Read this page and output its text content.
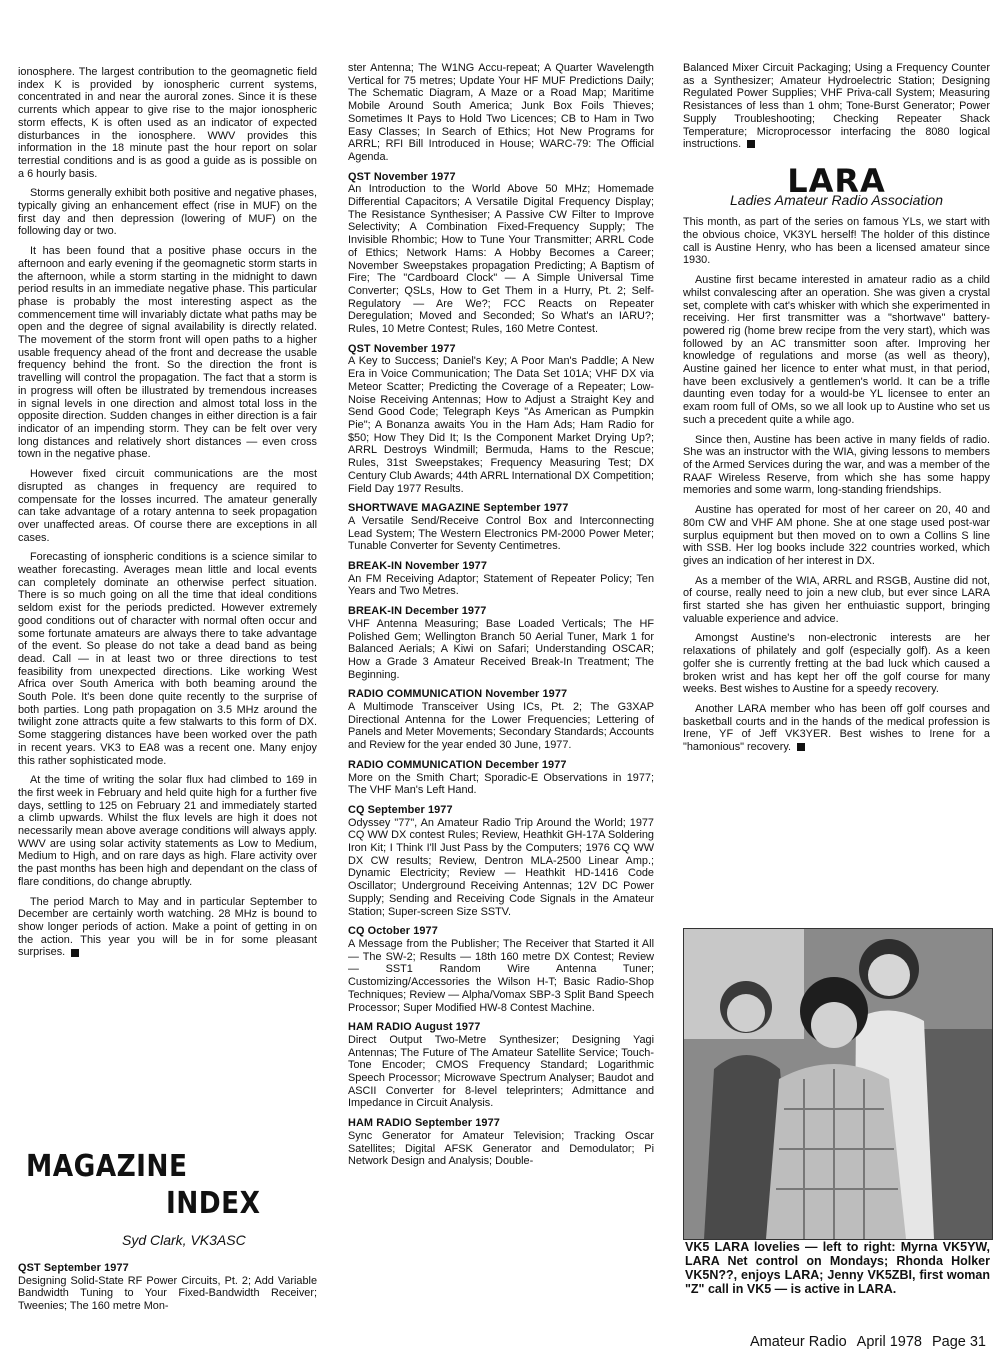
ionosphere. The largest contribution to the geomagnetic field index K is provided by ionospheric current systems, concentrated in and near the auroral zones. Since it is these currents which appear to give rise to the major ionospheric storm effects, K is often used as an indicator of expected disturbances in the ionosphere. WWV provides this information in the 18 minute past the hour report on solar terrestial conditions and is as good a guide as is possible on a 6 hourly basis.

Storms generally exhibit both positive and negative phases, typically giving an enhancement effect (rise in MUF) on the first day and then depression (lowering of MUF) on the following day or two.

It has been found that a positive phase occurs in the afternoon and early evening if the geomagnetic storm starts in the afternoon, while a storm starting in the midnight to dawn period results in an immediate negative phase. This particular phase is probably the most interesting aspect as the commencement time will invariably dictate what paths may be open and the degree of signal availability is directly related. The movement of the storm front will open paths to a higher usable frequency ahead of the front and decrease the usable frequency behind the front. So the direction the front is travelling will control the propagation. The fact that a storm is in progress will often be illustrated by tremendous increases in signal levels in one direction and almost total loss in the opposite direction. Sudden changes in either direction is a fair indicator of an impending storm. They can be felt over very long distances and relatively short distances — even cross town in the negative phase.

However fixed circuit communications are the most disrupted as changes in frequency are required to compensate for the losses incurred. The amateur generally can take advantage of a rotary antenna to seek propagation over unaffected areas. Of course there are exceptions in all cases.

Forecasting of ionspheric conditions is a science similar to weather forecasting. Averages mean little and local events can completely dominate an otherwise perfect situation. There is so much going on all the time that ideal conditions seldom exist for the periods predicted. However extremely good conditions out of character with normal often occur and some fortunate amateurs are always there to take advantage of the event. So please do not take a dead band as being dead. Call — in at least two or three directions to test feasibility from unexpected directions. Like working West Africa over South America with both beaming around the South Pole. It's been done quite recently to the surprise of both parties. Long path propagation on 3.5 MHz around the twilight zone attracts quite a few stalwarts to this form of DX. Some staggering distances have been worked over the path in recent years. VK3 to EA8 was a recent one. Many enjoy this rather sophisticated mode.

At the time of writing the solar flux had climbed to 169 in the first week in February and held quite high for a further five days, settling to 125 on February 21 and immediately started a climb upwards. Whilst the flux levels are high it does not necessarily mean above average conditions will always apply. WWV are using solar activity statements as Low to Medium, Medium to High, and on rare days as high. Flare activity over the past months has been high and dependant on the class of flare conditions, do change abruptly.

The period March to May and in particular September to December are certainly worth watching. 28 MHz is bound to show longer periods of action. Make a point of getting in on the action. This year you will be in for some pleasant surprises.

MAGAZINE
INDEX
Syd Clark, VK3ASC
QST September 1977
Designing Solid-State RF Power Circuits, Pt. 2; Add Variable Bandwidth Tuning to Your Fixed-Bandwidth Receiver; Tweenies; The 160 metre Mon-
ster Antenna; The W1NG Accu-repeat; A Quarter Wavelength Vertical for 75 metres; Update Your HF MUF Predictions Daily; The Schematic Diagram, A Maze or a Road Map; Maritime Mobile Around South America; Junk Box Foils Thieves; Sometimes It Pays to Hold Two Licences; CB to Ham in Two Easy Classes; In Search of Ethics; Hot New Programs for ARRL; RFI Bill Introduced in House; WARC-79: The Official Agenda.
QST November 1977
An Introduction to the World Above 50 MHz; Homemade Differential Capacitors; A Versatile Digital Frequency Display; The Resistance Synthesiser; A Passive CW Filter to Improve Selectivity; A Combination Fixed-Frequency Supply; The Invisible Rhombic; How to Tune Your Transmitter; ARRL Code of Ethics; Network Hams: A Hobby Becomes a Career; November Sweepstakes propagation Predicting; A Baptism of Fire; The "Cardboard Clock" — A Simple Universal Time Converter; QSLs, How to Get Them in a Hurry, Pt. 2; Self-Regulatory — Are We?; FCC Reacts on Repeater Deregulation; Moved and Seconded; So What's an IARU?; Rules, 10 Metre Contest; Rules, 160 Metre Contest.
QST November 1977
A Key to Success; Daniel's Key; A Poor Man's Paddle; A New Era in Voice Communication; The Data Set 101A; VHF DX via Meteor Scatter; Predicting the Coverage of a Repeater; Low-Noise Receiving Antennas; How to Adjust a Straight Key and Send Good Code; Telegraph Keys "As American as Pumpkin Pie"; A Bonanza awaits You in the Ham Ads; Ham Radio for $50; How They Did It; Is the Component Market Drying Up?; ARRL Destroys Windmill; Bermuda, Hams to the Rescue; Rules, 31st Sweepstakes; Frequency Measuring Test; DX Century Club Awards; 44th ARRL International DX Competition; Field Day 1977 Results.
SHORTWAVE MAGAZINE September 1977
A Versatile Send/Receive Control Box and Interconnecting Lead System; The Western Electronics PM-2000 Power Meter; Tunable Converter for Seventy Centimetres.
BREAK-IN November 1977
An FM Receiving Adaptor; Statement of Repeater Policy; Ten Years and Two Metres.
BREAK-IN December 1977
VHF Antenna Measuring; Base Loaded Verticals; The HF Polished Gem; Wellington Branch 50 Aerial Tuner, Mark 1 for Balanced Aerials; A Kiwi on Safari; Understanding OSCAR; How a Grade 3 Amateur Received Break-In Treatment; The Beginning.
RADIO COMMUNICATION November 1977
A Multimode Transceiver Using ICs, Pt. 2; The G3XAP Directional Antenna for the Lower Frequencies; Lettering of Panels and Meter Movements; Secondary Standards; Accounts and Review for the year ended 30 June, 1977.
RADIO COMMUNICATION December 1977
More on the Smith Chart; Sporadic-E Observations in 1977; The VHF Man's Left Hand.
CQ September 1977
Odyssey "77", An Amateur Radio Trip Around the World; 1977 CQ WW DX contest Rules; Review, Heathkit GH-17A Soldering Iron Kit; I Think I'll Just Pass by the Computers; 1976 CQ WW DX CW results; Review, Dentron MLA-2500 Linear Amp.; Dynamic Electricity; Review — Heathkit HD-1416 Code Oscillator; Underground Receiving Antennas; 12V DC Power Supply; Sending and Receiving Code Signals in the Amateur Station; Super-screen Size SSTV.
CQ October 1977
A Message from the Publisher; The Receiver that Started it All — The SW-2; Results — 18th 160 metre DX Contest; Review — SST1 Random Wire Antenna Tuner; Customizing/Accessories the Wilson H-T; Basic Radio-Shop Techniques; Review — Alpha/Vomax SBP-3 Split Band Speech Processor; Super Modified HW-8 Contest Machine.
HAM RADIO August 1977
Direct Output Two-Metre Synthesizer; Designing Yagi Antennas; The Future of The Amateur Satellite Service; Touch-Tone Encoder; CMOS Frequency Standard; Logarithmic Speech Processor; Microwave Spectrum Analyser; Baudot and ASCII Converter for 8-level teleprinters; Admittance and Impedance in Circuit Analysis.
HAM RADIO September 1977
Sync Generator for Amateur Television; Tracking Oscar Satellites; Digital AFSK Generator and Demodulator; Pi Network Design and Analysis; Double-
Balanced Mixer Circuit Packaging; Using a Frequency Counter as a Synthesizer; Amateur Hydroelectric Station; Designing Regulated Power Supplies; VHF Priva-call System; Measuring Resistances of less than 1 ohm; Tone-Burst Generator; Power Supply Troubleshooting; Checking Repeater Shack Temperature; Microprocessor interfacing the 8080 logical instructions.
LARA
Ladies Amateur Radio Association

This month, as part of the series on famous YLs, we start with the obvious choice, VK3YL herself! The holder of this distince call is Austine Henry, who has been a licensed amateur since 1930.

Austine first became interested in amateur radio as a child whilst convalescing after an operation. She was given a crystal set, complete with cat's whisker with which she experimented in receiving. Her first transmitter was a "shortwave" battery-powered rig (home brew recipe from the very start), which was followed by an AC transmitter soon after. Improving her knowledge of regulations and morse (as well as theory), Austine gained her licence to enter what must, in that period, have been exclusively a gentlemen's world. It can be a trifle daunting even today for a would-be YL licensee to enter an exam room full of OMs, so we all look up to Austine who set us such a precedent quite a while ago.

Since then, Austine has been active in many fields of radio. She was an instructor with the WIA, giving lessons to members of the Armed Services during the war, and was a member of the RAAF Wireless Reserve, from which she has some happy memories and some warm, long-standing friendships.

Austine has operated for most of her career on 20, 40 and 80m CW and VHF AM phone. She at one stage used post-war surplus equipment but then moved on to own a Collins S line with SSB. Her log books include 322 countries worked, which gives an indication of her interest in DX.

As a member of the WIA, ARRL and RSGB, Austine did not, of course, really need to join a new club, but ever since LARA first started she has given her enthuiastic support, bringing valuable experience and advice.

Amongst Austine's non-electronic interests are her relaxations of philately and golf (especially golf). As a keen golfer she is currently fretting at the bad luck which caused a broken wrist and has kept her off the golf course for many weeks. Best wishes to Austine for a speedy recovery.

Another LARA member who has been off golf courses and basketball courts and in the hands of the medical profession is Irene, YF of Jeff VK3YER. Best wishes to Irene for a "hamonious" recovery.

VK5 LARA lovelies — left to right: Myrna VK5YW, LARA Net control on Mondays; Rhonda Holker VK5N??, enjoys LARA; Jenny VK5ZBI, first woman "Z" call in VK5 — is active in LARA.
Amateur Radio April 1978 Page 31
